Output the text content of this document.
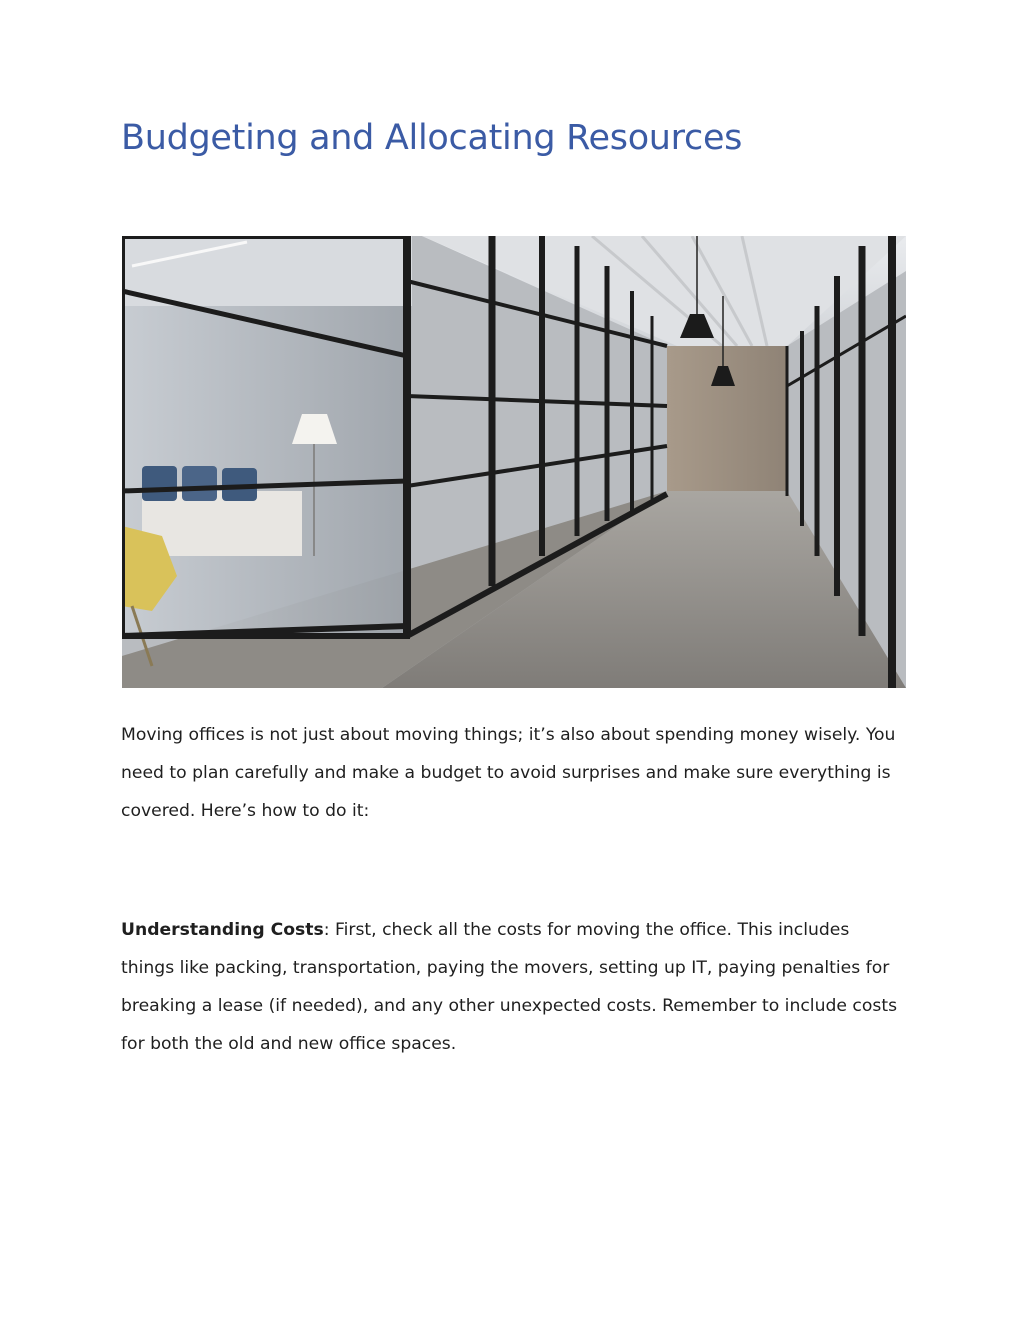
Budgeting and Allocating Resources

Moving offices is not just about moving things; it’s also about spending money wisely. You need to plan carefully and make a budget to avoid surprises and make sure everything is covered. Here’s how to do it:

Understanding Costs: First, check all the costs for moving the office. This includes things like packing, transportation, paying the movers, setting up IT, paying penalties for breaking a lease (if needed), and any other unexpected costs. Remember to include costs for both the old and new office spaces.
